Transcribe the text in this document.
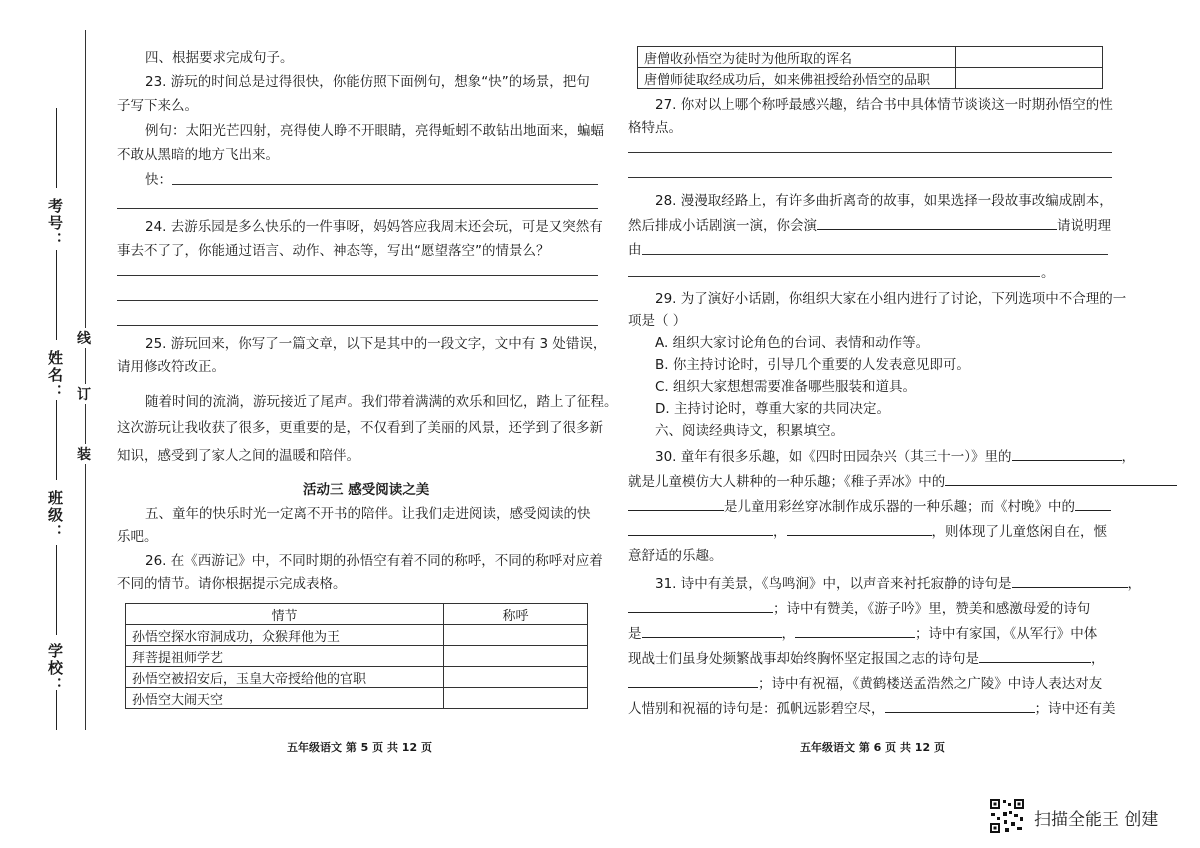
考号：
姓名：
班级：
学校：
线
订
装
四、根据要求完成句子。
23. 游玩的时间总是过得很快，你能仿照下面例句，想象“快”的场景，把句
子写下来么。
例句：太阳光芒四射，亮得使人睁不开眼睛，亮得蚯蚓不敢钻出地面来，蝙蝠
不敢从黑暗的地方飞出来。
快：
24. 去游乐园是多么快乐的一件事呀，妈妈答应我周末还会玩，可是又突然有
事去不了了，你能通过语言、动作、神态等，写出“愿望落空”的情景么？
25. 游玩回来，你写了一篇文章，以下是其中的一段文字，文中有 3 处错误，
请用修改符改正。
随着时间的流淌，游玩接近了尾声。我们带着满满的欢乐和回忆，踏上了征程。
这次游玩让我收获了很多，更重要的是，不仅看到了美丽的风景，还学到了很多新
知识，感受到了家人之间的温暖和陪伴。
活动三 感受阅读之美
五、童年的快乐时光一定离不开书的陪伴。让我们走进阅读，感受阅读的快
乐吧。
26. 在《西游记》中，不同时期的孙悟空有着不同的称呼，不同的称呼对应着
不同的情节。请你根据提示完成表格。
情节	称呼
孙悟空探水帘洞成功，众猴拜他为王	
拜菩提祖师学艺	
孙悟空被招安后，玉皇大帝授给他的官职	
孙悟空大闹天空	
五年级语文 第 5 页 共 12 页
唐僧收孙悟空为徒时为他所取的诨名	
唐僧师徒取经成功后，如来佛祖授给孙悟空的品职	
27. 你对以上哪个称呼最感兴趣，结合书中具体情节谈谈这一时期孙悟空的性
格特点。
28. 漫漫取经路上，有许多曲折离奇的故事，如果选择一段故事改编成剧本，
然后排成小话剧演一演，你会演	请说明理
由
。
29. 为了演好小话剧，你组织大家在小组内进行了讨论，下列选项中不合理的一
项是（ ）
A. 组织大家讨论角色的台词、表情和动作等。
B. 你主持讨论时，引导几个重要的人发表意见即可。
C. 组织大家想想需要准备哪些服装和道具。
D. 主持讨论时，尊重大家的共同决定。
六、阅读经典诗文，积累填空。
30. 童年有很多乐趣，如《四时田园杂兴（其三十一）》里的	，
就是儿童模仿大人耕种的一种乐趣；《稚子弄冰》中的
是儿童用彩丝穿冰制作成乐器的一种乐趣；而《村晚》中的
，	，则体现了儿童悠闲自在，惬
意舒适的乐趣。
31. 诗中有美景，《鸟鸣涧》中，以声音来衬托寂静的诗句是	，
；诗中有赞美，《游子吟》里，赞美和感激母爱的诗句
是	，	；诗中有家国，《从军行》中体
现战士们虽身处频繁战事却始终胸怀坚定报国之志的诗句是	，
；诗中有祝福，《黄鹤楼送孟浩然之广陵》中诗人表达对友
人惜别和祝福的诗句是：孤帆远影碧空尽，	；诗中还有美
五年级语文 第 6 页 共 12 页
扫描全能王 创建
